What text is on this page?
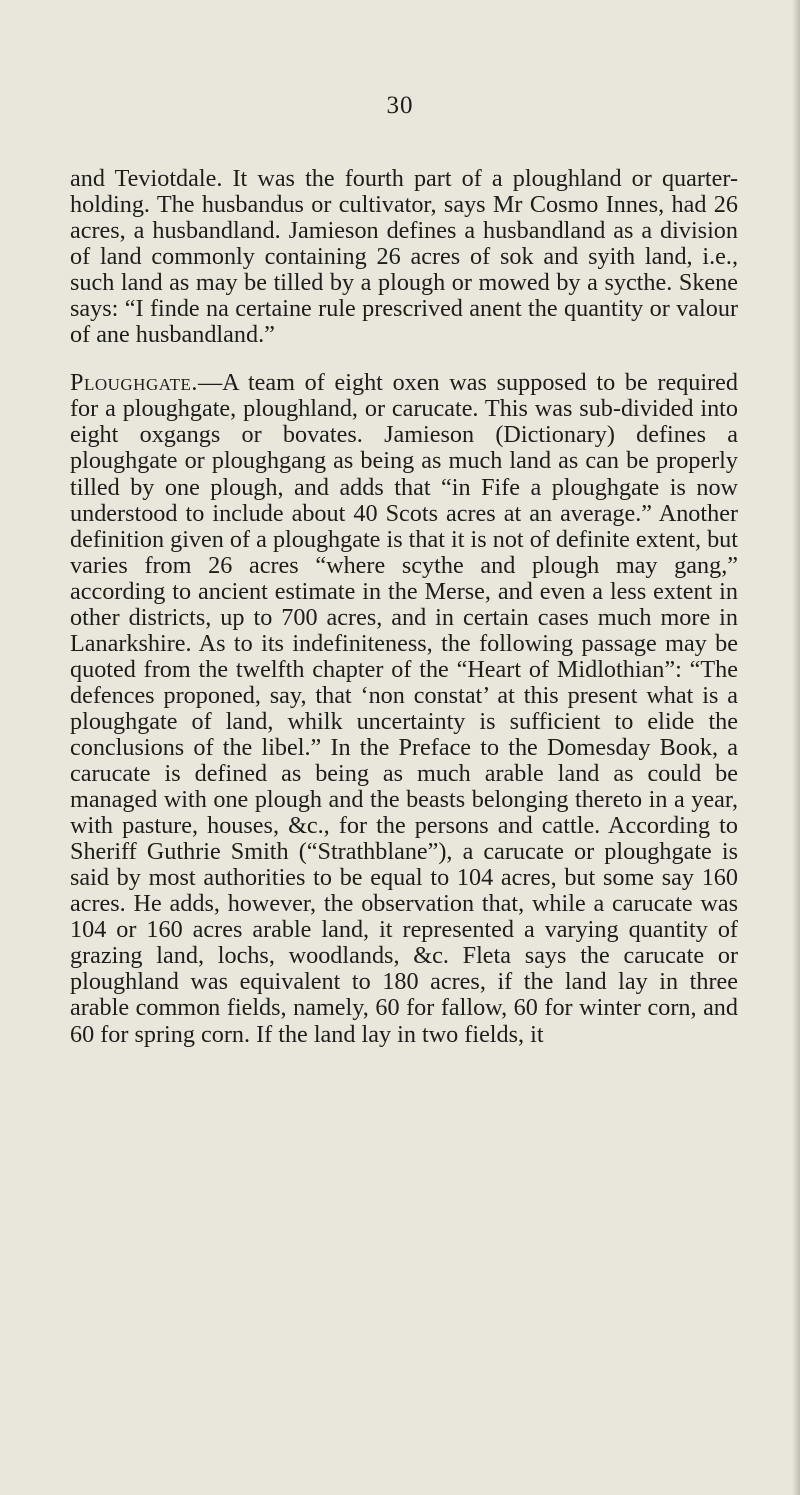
30

and Teviotdale. It was the fourth part of a ploughland or quarter-holding. The husbandus or cultivator, says Mr Cosmo Innes, had 26 acres, a husbandland. Jamieson defines a husbandland as a division of land commonly containing 26 acres of sok and syith land, i.e., such land as may be tilled by a plough or mowed by a sycthe. Skene says: “I finde na certaine rule prescrived anent the quantity or valour of ane husbandland.”

Ploughgate.—A team of eight oxen was supposed to be required for a ploughgate, ploughland, or carucate. This was sub-divided into eight oxgangs or bovates. Jamieson (Dictionary) defines a ploughgate or ploughgang as being as much land as can be properly tilled by one plough, and adds that “in Fife a ploughgate is now understood to include about 40 Scots acres at an average.” Another definition given of a ploughgate is that it is not of definite extent, but varies from 26 acres “where scythe and plough may gang,” according to ancient estimate in the Merse, and even a less extent in other districts, up to 700 acres, and in certain cases much more in Lanarkshire. As to its indefiniteness, the following passage may be quoted from the twelfth chapter of the “Heart of Midlothian”: “The defences proponed, say, that ‘non constat’ at this present what is a ploughgate of land, whilk uncertainty is sufficient to elide the conclusions of the libel.” In the Preface to the Domesday Book, a carucate is defined as being as much arable land as could be managed with one plough and the beasts belonging thereto in a year, with pasture, houses, &c., for the persons and cattle. According to Sheriff Guthrie Smith (“Strathblane”), a carucate or ploughgate is said by most authorities to be equal to 104 acres, but some say 160 acres. He adds, however, the observation that, while a carucate was 104 or 160 acres arable land, it represented a varying quantity of grazing land, lochs, woodlands, &c. Fleta says the carucate or ploughland was equivalent to 180 acres, if the land lay in three arable common fields, namely, 60 for fallow, 60 for winter corn, and 60 for spring corn. If the land lay in two fields, it
